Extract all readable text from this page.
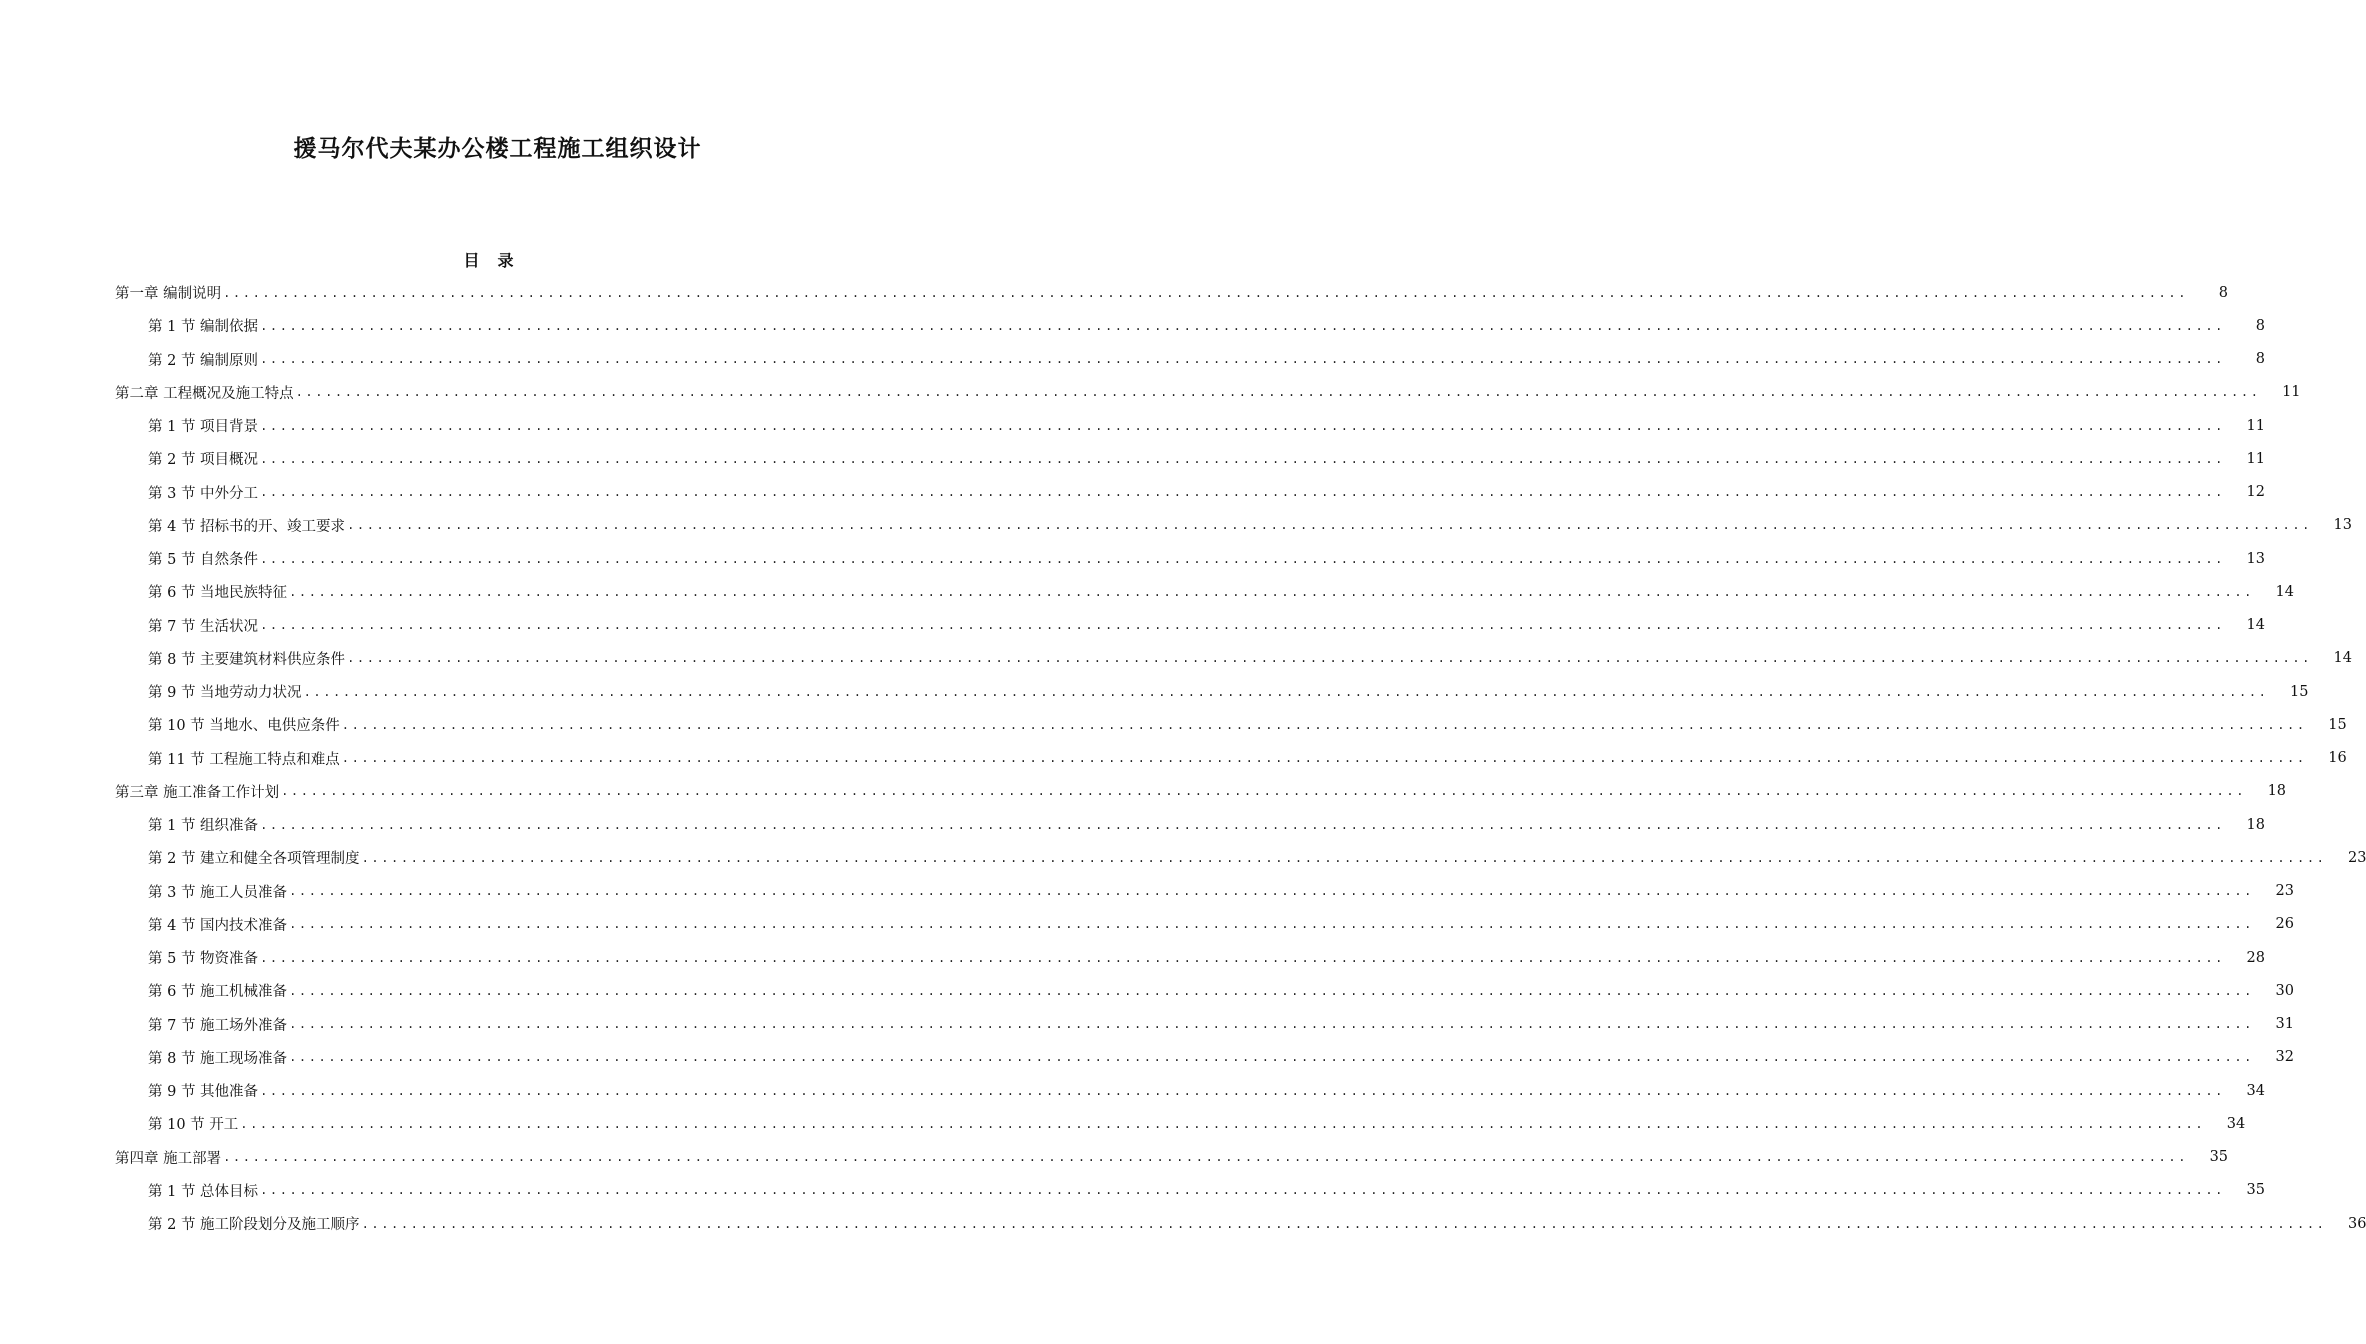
援马尔代夫某办公楼工程施工组织设计
目录
第一章 编制说明 ........................................................................................................................................................................................................	8
第 1 节 编制依据 ........................................................................................................................................................................................................	8
第 2 节 编制原则 ........................................................................................................................................................................................................	8
第二章 工程概况及施工特点 ........................................................................................................................................................................................................	11
第 1 节 项目背景 ........................................................................................................................................................................................................	11
第 2 节 项目概况 ........................................................................................................................................................................................................	11
第 3 节 中外分工 ........................................................................................................................................................................................................	12
第 4 节 招标书的开、竣工要求 ........................................................................................................................................................................................................	13
第 5 节 自然条件 ........................................................................................................................................................................................................	13
第 6 节 当地民族特征 ........................................................................................................................................................................................................	14
第 7 节 生活状况 ........................................................................................................................................................................................................	14
第 8 节 主要建筑材料供应条件 ........................................................................................................................................................................................................	14
第 9 节 当地劳动力状况 ........................................................................................................................................................................................................	15
第 10 节 当地水、电供应条件 ........................................................................................................................................................................................................	15
第 11 节 工程施工特点和难点 ........................................................................................................................................................................................................	16
第三章 施工准备工作计划 ........................................................................................................................................................................................................	18
第 1 节 组织准备 ........................................................................................................................................................................................................	18
第 2 节 建立和健全各项管理制度 ........................................................................................................................................................................................................	23
第 3 节 施工人员准备 ........................................................................................................................................................................................................	23
第 4 节 国内技术准备 ........................................................................................................................................................................................................	26
第 5 节 物资准备 ........................................................................................................................................................................................................	28
第 6 节 施工机械准备 ........................................................................................................................................................................................................	30
第 7 节 施工场外准备 ........................................................................................................................................................................................................	31
第 8 节 施工现场准备 ........................................................................................................................................................................................................	32
第 9 节 其他准备 ........................................................................................................................................................................................................	34
第 10 节 开工 ........................................................................................................................................................................................................	34
第四章 施工部署 ........................................................................................................................................................................................................	35
第 1 节 总体目标 ........................................................................................................................................................................................................	35
第 2 节 施工阶段划分及施工顺序 ........................................................................................................................................................................................................	36
